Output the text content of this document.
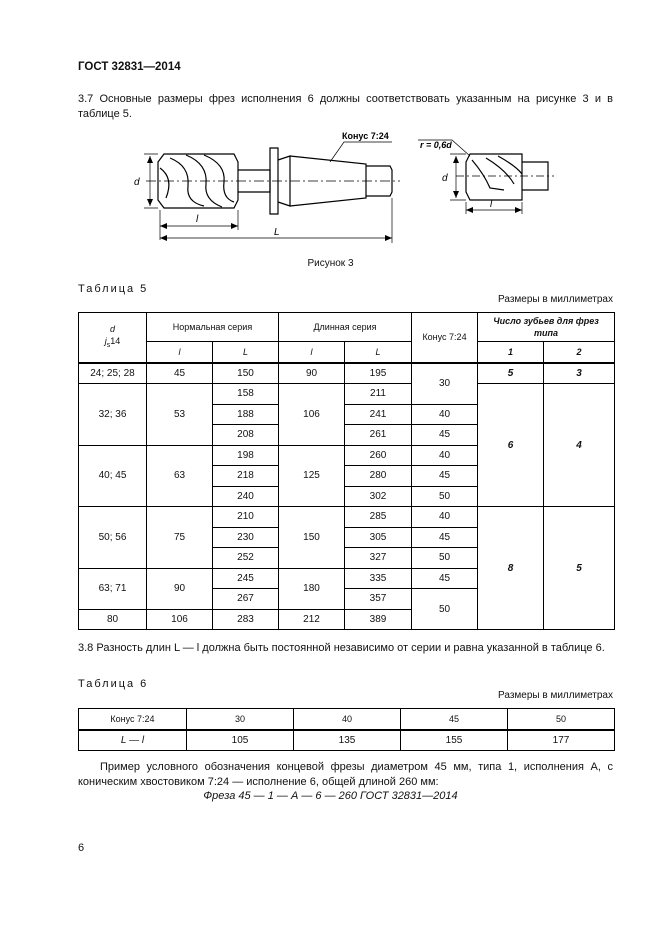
ГОСТ 32831—2014
3.7 Основные размеры фрез исполнения 6 должны соответствовать указанным на рисунке 3 и в таблице 5.
d
l
L
Конус 7:24
r = 0,6d
d
l
Рисунок 3
Таблица 5
Размеры в миллиметрах
d
$j_s14$	Нормальная серия		Длинная серия		Конус 7:24	Число зубьев для фрез типа	
	l	L	l	L		1	2
24; 25; 28	45	150	90	195	30	5	3
32; 36	53	158	106	211		6	4
		188		241	40		
		208		261	45		
40; 45	63	198	125	260	40		
		218		280	45		
		240		302	50		
50; 56	75	210	150	285	40	8	5
		230		305	45		
		252		327	50		
63; 71	90	245	180	335	45		
		267		357	50		
80	106	283	212	389			
3.8 Разность длин L — l должна быть постоянной независимо от серии и равна указанной в таблице 6.
Таблица 6
Размеры в миллиметрах
Конус 7:24	30	40	45	50
L — l	105	135	155	177
Пример условного обозначения концевой фрезы диаметром 45 мм, типа 1, исполнения А, с коническим хвостовиком 7:24 — исполнение 6, общей длиной 260 мм:
Фреза 45 — 1 — А — 6 — 260 ГОСТ 32831—2014
6
